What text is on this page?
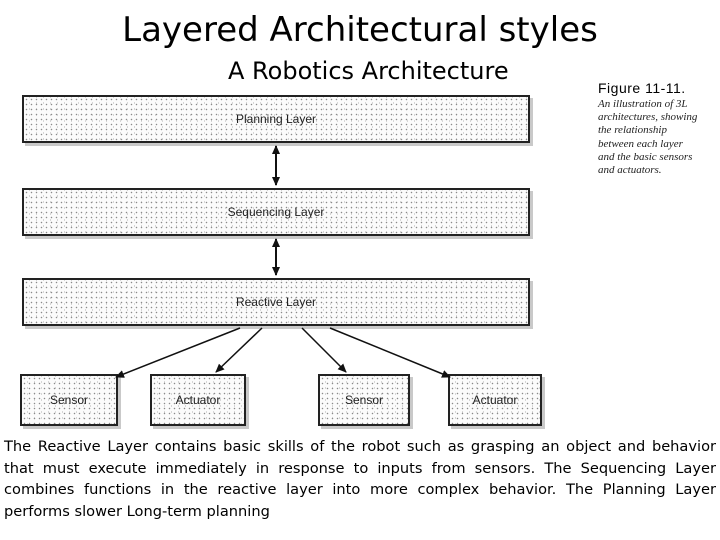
Layered Architectural styles
A Robotics Architecture
Planning Layer
Sequencing Layer
Reactive Layer
Sensor	Actuator	Sensor	Actuator
Figure 11-11.
An illustration of 3L architectures, showing the relationship between each layer and the basic sensors and actuators.
The Reactive Layer contains basic skills of the robot such as grasping an object and behavior that must execute immediately in response to inputs from sensors. The Sequencing Layer combines functions in the reactive layer into more complex behavior. The Planning Layer performs slower Long-term planning
